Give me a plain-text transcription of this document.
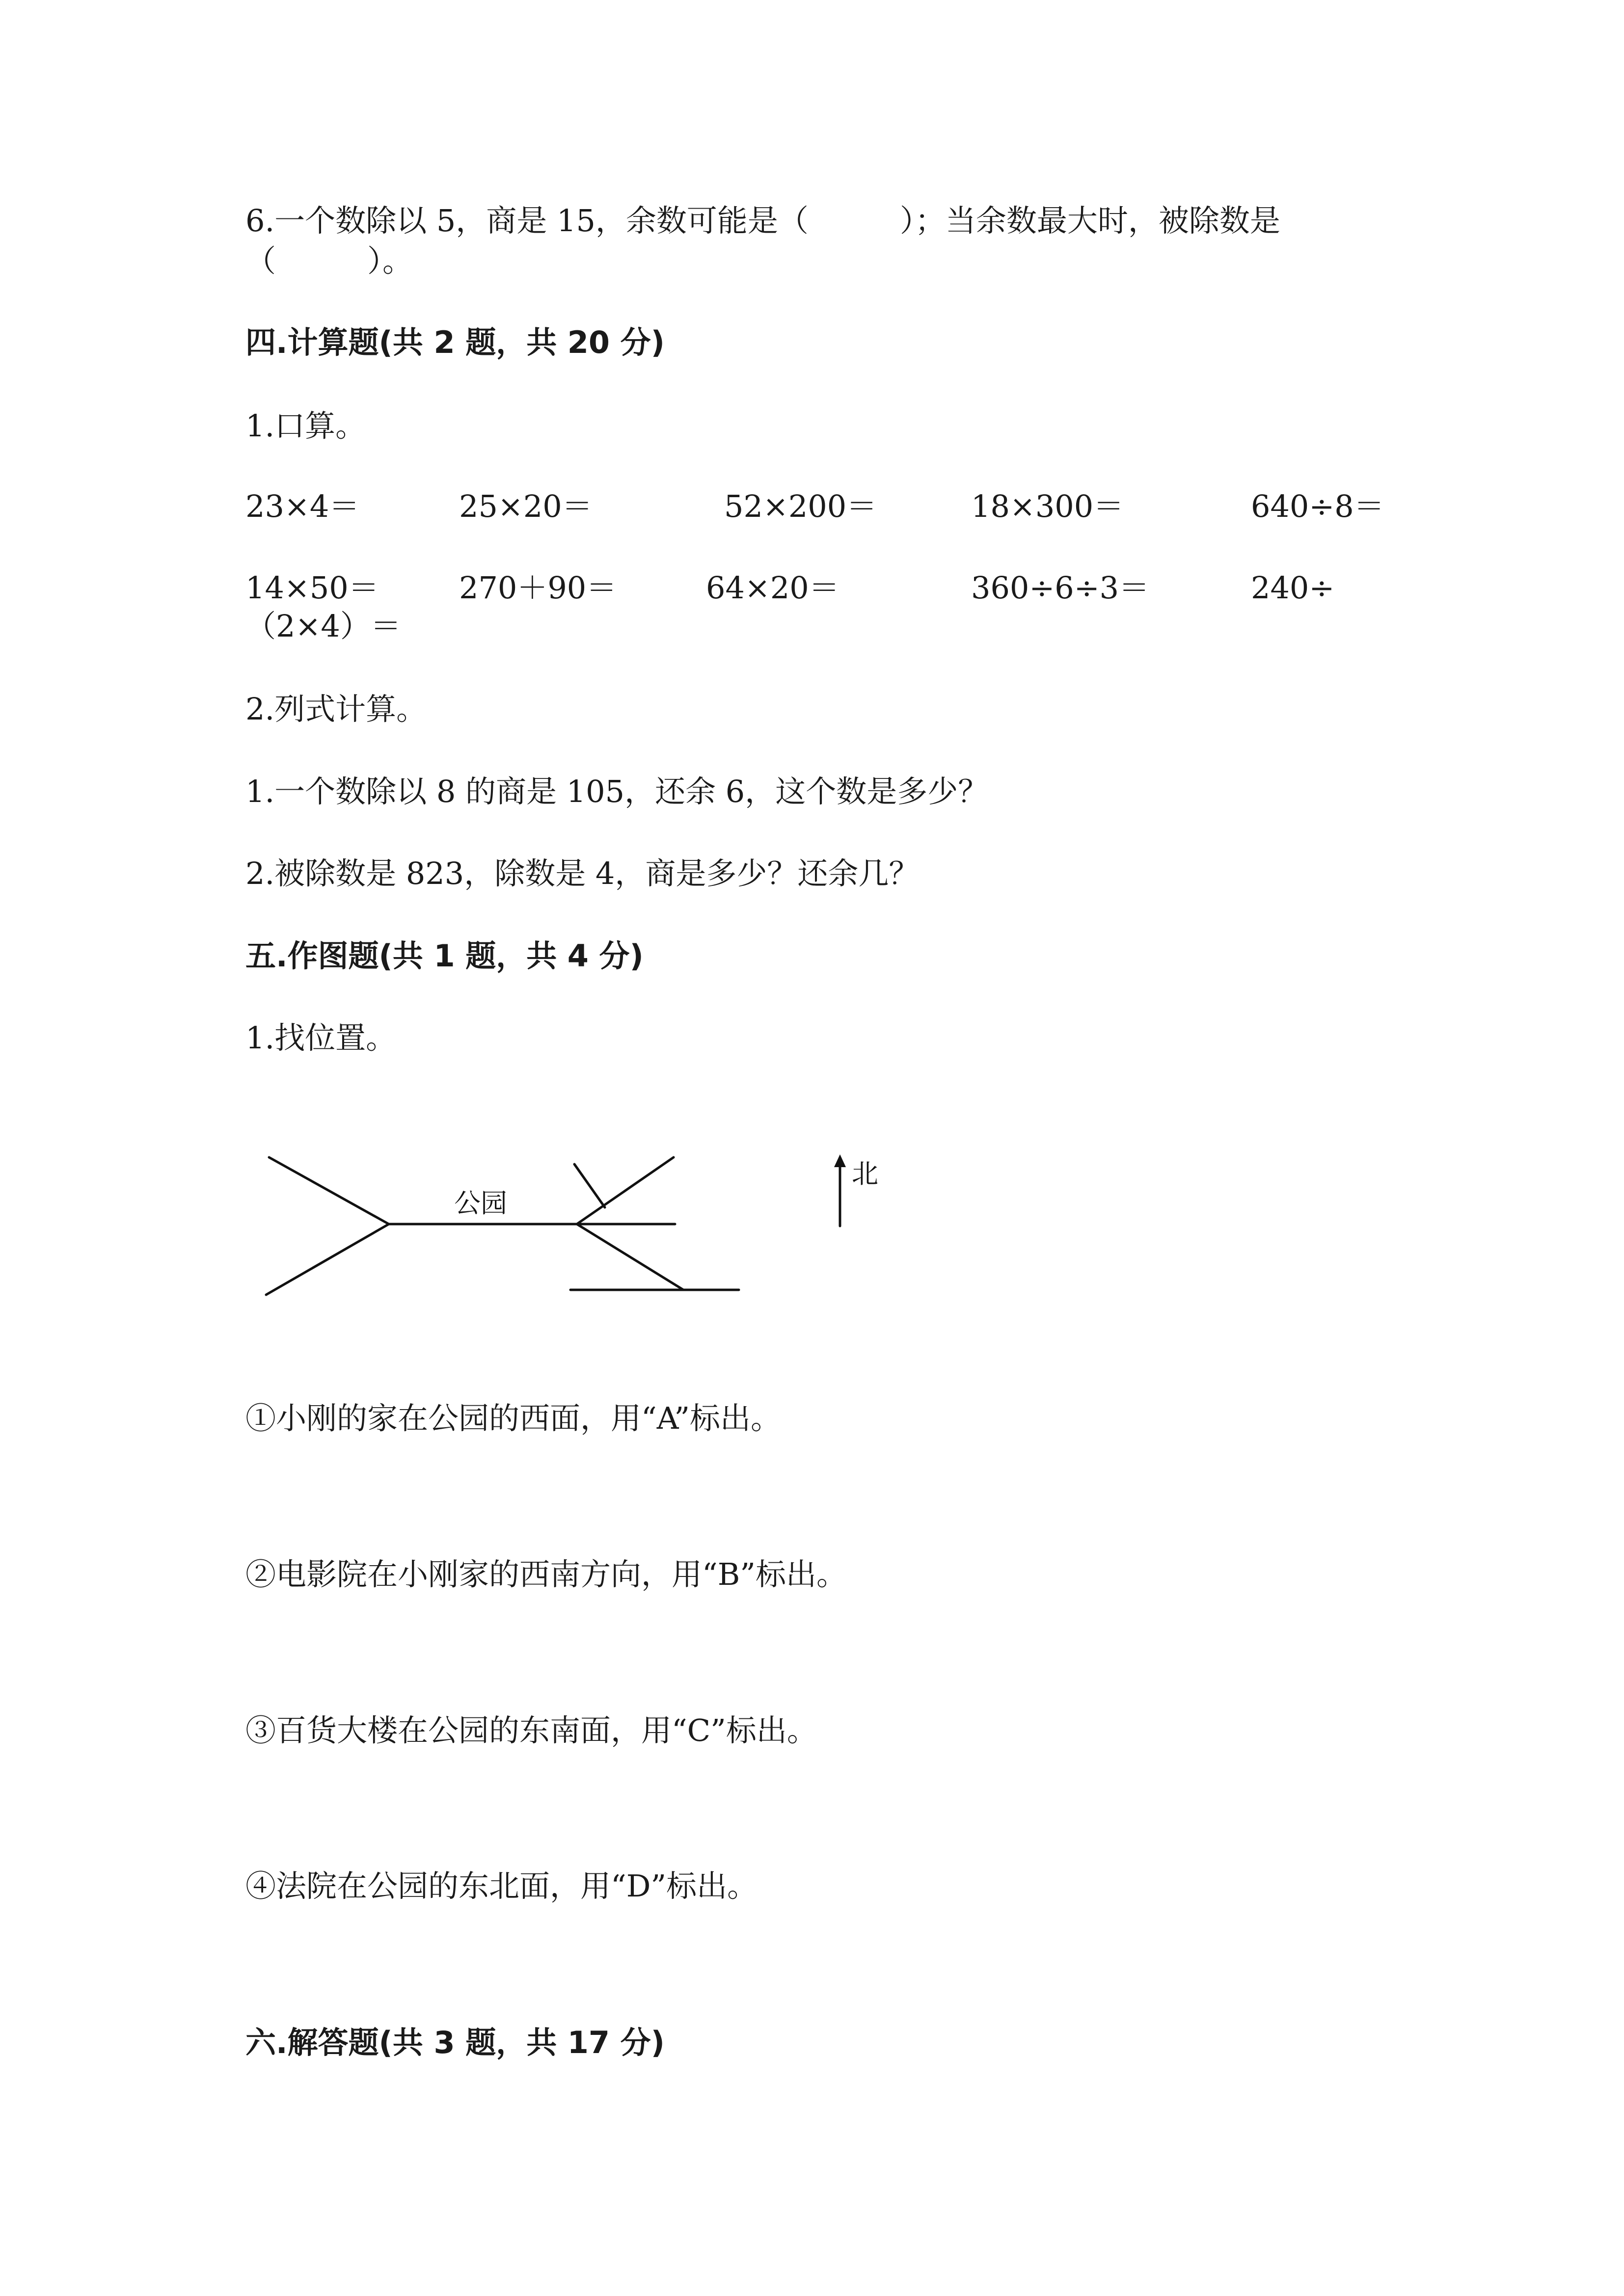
6.一个数除以 5，商是 15，余数可能是（　　　）；当余数最大时，被除数是
（　　　）。
四.计算题(共 2 题，共 20 分)
1.口算。
23×4＝	25×20＝	52×200＝	18×300＝	640÷8＝
14×50＝	270＋90＝	64×20＝	360÷6÷3＝	240÷
（2×4）＝
2.列式计算。
1.一个数除以 8 的商是 105，还余 6，这个数是多少？
2.被除数是 823，除数是 4，商是多少？还余几？
五.作图题(共 1 题，共 4 分)
1.找位置。
公园
北
①小刚的家在公园的西面，用“A”标出。
②电影院在小刚家的西南方向，用“B”标出。
③百货大楼在公园的东南面，用“C”标出。
④法院在公园的东北面，用“D”标出。
六.解答题(共 3 题，共 17 分)
